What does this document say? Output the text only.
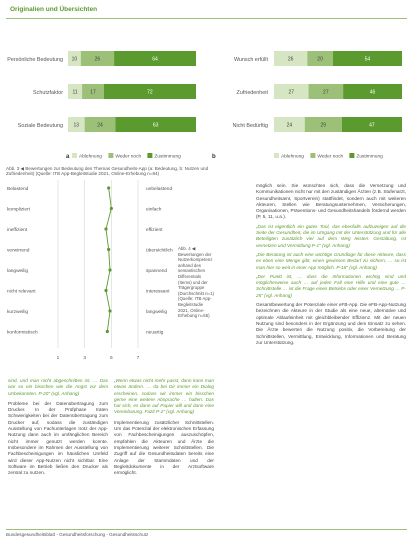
Originalien und Übersichten
Persönliche Bedeutung 10	26	64
Schutzfaktor 11	17	72
Soziale Bedeutung 13	24	63
a Ablehnung	Weder noch	Zustimmung
Wunsch erfüllt	26	20	54
Zufriedenheit	27	27	46
Nicht Bedürftig	24	29	47
b	Ablehnung	Weder noch	Zustimmung
Abb. 3 ◀ Bewertungen zur Bedeutung des Themas Gesundheits-App (a: Bedeutung, b: Nutzen und Zufriedenheit) (Quelle: ITB App-Begleitstudie 2021, Online-Erhebung n=84)
1	3	5	7
Belastend	unbelastend
kompliziert	einfach
ineffizient	effizient
verwirrend	übersichtlich
langweilig	spannend
nicht relevant	interessant
kurzweilig	langweilig
konformistisch	neuartig
Abb. 4 ◀ Bewertungen der Nutzerkompetenz anhand des semantischen Differentials (Items) und der Trägergruppe (Durchschnitt n=1) (Quelle: ITB App-Begleitstudie 2021, Online-Erhebung n=55)

sind, und man nicht abgeschnitten ist. … Das war so ein bisschen wie die Angst vor dem Unbekannten. P-20" (vgl. Anhang)

Probleme bei der Datenübertragung zum Drucker. In der Prüfphase traten Schwierigkeiten bei der Datenübertragung zum Drucker auf, sodass die zuständigen Ausstellung von Fachunterlagen trotz der App-Nutzung dann auch im umfänglichen Bereich nicht immer genutzt werden konnte. Insbesondere im Rahmen der Ausstellung von Fachbescheinigungen im häuslichen Umfeld wird dieser App-Nutzen nicht sichtbar. Eine Software im Betrieb ließen den Drucker als zentral zu nutzen.

„Wenn etwas nicht mehr passt, dann kann man etwas ändern. … da bei Dir immer ein Dialog erscheinen, sodass wir immer ein bisschen gerne eine weitere Absprache … halten. Das hat sich, es dann auf Papier will und dann eine Vereinbarung. Fazit P-2" (vgl. Anhang)

Implementierung zusätzlicher Schnittstellen. Um das Potenzial der elektronischen Erfassung von Fachbescheinigungen auszuschöpfen, empfahlen die Akteuren und Ärzte die Implementierung weiterer Schnittstellen. Die Zugriff auf die Gesundheitsdaten bereits eine Anlage der Stammdaten und der Begleitdokumente in der Arztsoftware ermöglicht.

möglich sein. Sie wünschten sich, dass die Vernetzung und Kommunikationen nicht nur mit den zuständigen Ärzten (z.B. Stufenarzt, Gesundheitsamt, Sportverein) stattfindet, sondern auch mit weiteren Akteuren, Stellen wie Beratungsunternehmen, Versicherungen, Organisationen, Präventions- und Gesundheitshandeln fördernd werden (P, 5, 11, u.a.).

„Das ist eigentlich ein gutes Tool, das ebenfalls aufzuzeigen auf die Seite der Gesundheit, die im Umgang mit der Unterstützung und für alle Beteiligten zusätzlich viel auf dem Weg leisten. Gestaltung, ist vernetzen und Vermittlung P-1" (vgl. Anhang)

„Die Beratung ist auch eine wichtige Grundlage für diese Akteure, dass es eben eine Menge gibt, einen gewissen Bedarf zu sichern, … so ist man hier so weit in einer App möglich. P-18" (vgl. Anhang)

„Der Punkt ist, … dass die Informationen wichtig sind und möglicherweise auch … auf jeden Fall eine Hilfe und eine gute … Schnittstelle … ist die Frage eines Betriebs oder einer Vernetzung … P-25" (vgl. Anhang)

Gesamtbewertung der Potenziale einer eFB-App. Die eFB-App-Nutzung bezeichnen die Akteure in der Studie als eine neue, alternative und optimale Ablaufeinheit mit gleichbleibender Effizienz. Mit der neuen Nutzung sind besonders in der Ergänzung und dem Einsatz zu sehen. Die Ärzte bewerten die Nutzung positiv, die Vorbereitung der Schnittstellen, Vermittlung, Entwicklung, Informationen und Beratung zur Unterstützung.

Bundesgesundheitsblatt - Gesundheitsforschung - Gesundheitsschutz
